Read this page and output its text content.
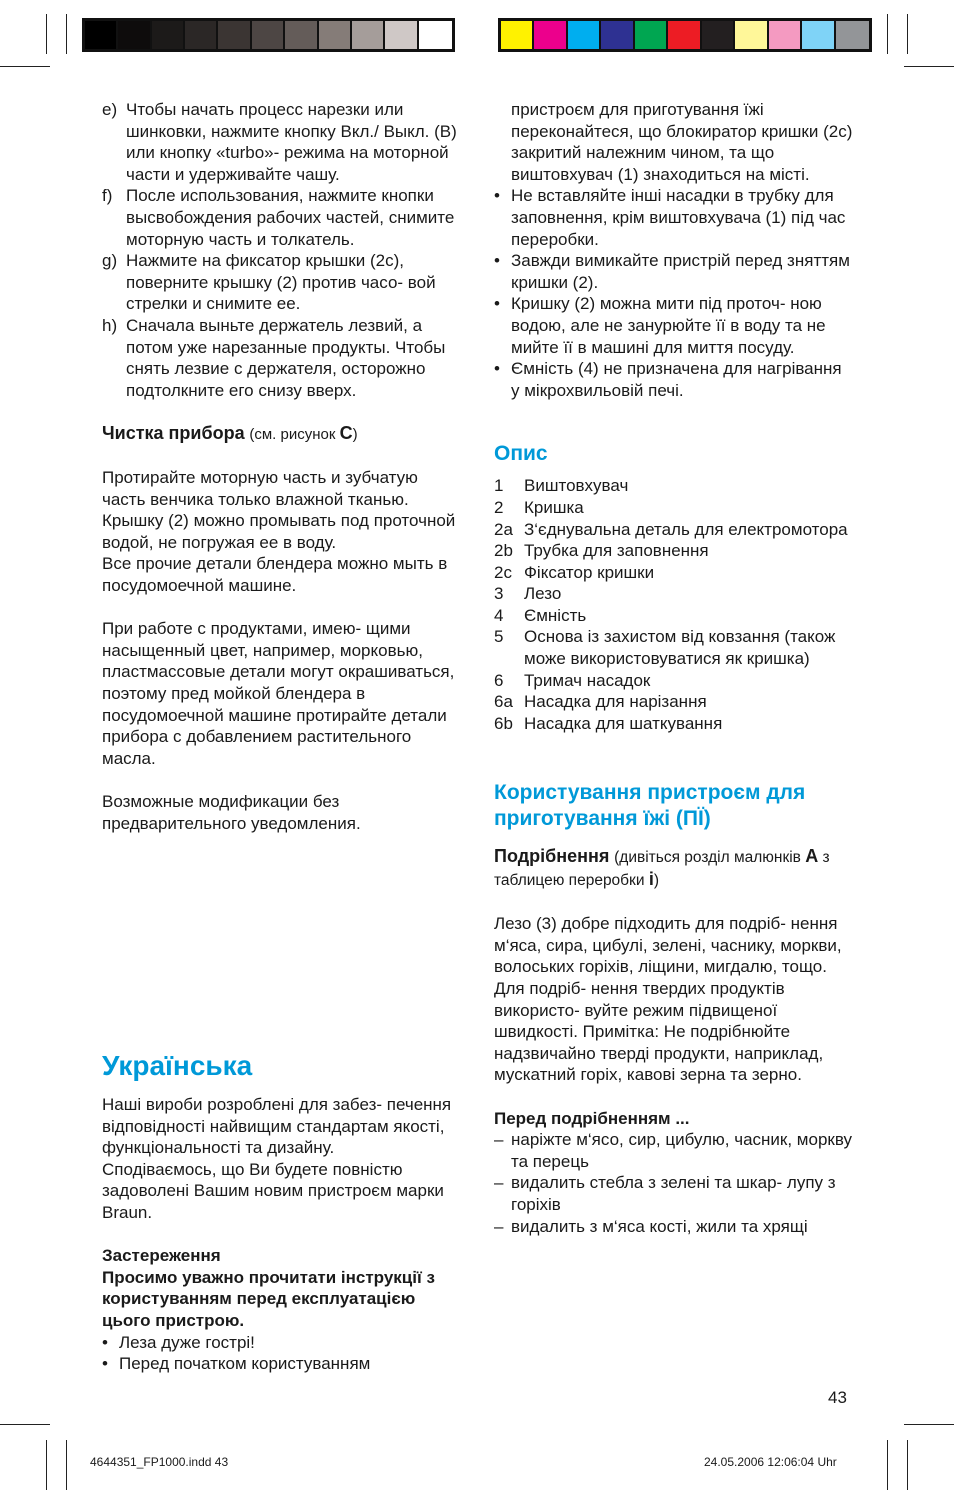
e) Чтобы начать процесс нарезки или шинковки, нажмите кнопку Вкл./ Выкл. (B) или кнопку «turbo»- режима на моторной части и удерживайте чашу.
f) После использования, нажмите кнопки высвобождения рабочих частей, снимите моторную часть и толкатель.
g) Нажмите на фиксатор крышки (2c), поверните крышку (2) против часо- вой стрелки и снимите ее.
h) Сначала выньте держатель лезвий, а потом уже нарезанные продукты. Чтобы снять лезвие с держателя, осторожно подтолкните его снизу вверх.

Чистка прибора (см. рисунок C)

Протирайте моторную часть и зубчатую часть венчика только влажной тканью. Крышку (2) можно промывать под проточной водой, не погружая ее в воду.

Все прочие детали блендера можно мыть в посудомоечной машине.

При работе с продуктами, имею- щими насыщенный цвет, например, морковью, пластмассовые детали могут окрашиваться, поэтому пред мойкой блендера в посудомоечной машине протирайте детали прибора с добавлением растительного масла.

Возможные модификации без предварительного уведомления.

Українська

Наші вироби розроблені для забез- печення відповідності найвищим стандартам якості, функціональності та дизайну. Сподіваємось, що Ви будете повністю задоволені Вашим новим пристроєм марки Braun.

Застереження

Просимо уважно прочитати інструкції з користуванням перед експлуатацією цього пристрою.

• Леза дуже гострі!
• Перед початком користуванням

пристроєм для приготування їжі переконайтеся, що блокиратор кришки (2c) закритий належним чином, та що виштовхувач (1) знаходиться на місті.

• Не вставляйте інші насадки в трубку для заповнення, крім виштовхувача (1) під час переробки.
• Завжди вимикайте пристрій перед зняттям кришки (2).
• Кришку (2) можна мити під проточ- ною водою, але не занурюйте її в воду та не мийте її в машині для миття посуду.
• Ємність (4) не призначена для нагрівання у мікрохвильовій печі.

Опис

1 Виштовхувач
2 Кришка
2a З‘єднувальна деталь для електромотора
2b Трубка для заповнення
2c Фіксатор кришки
3 Лезо
4 Ємність
5 Основа із захистом від ковзання (також може використовуватися як кришка)
6 Тримач насадок
6a Насадка для нарізання
6b Насадка для шаткування

Користування пристроєм для приготування їжі (ПЇ)

Подрібнення (дивіться розділ малюнків A з таблицею переробки i)

Лезо (3) добре підходить для подріб- нення м‘яса, сира, цибулі, зелені, часнику, моркви, волоських горіхів, ліщини, мигдалю, тощо. Для подріб- нення твердих продуктів використо- вуйте режим підвищеної швидкості. Примітка: Не подрібнюйте надзвичайно тверді продукти, наприклад, мускатний горіх, кавові зерна та зерно.

Перед подрібненням ...

– наріжте м‘ясо, сир, цибулю, часник, моркву та перець
– видалить стебла з зелені та шкар- лупу з горіхів
– видалить з м‘яса кості, жили та хрящі
43
4644351_FP1000.indd 43	24.05.2006 12:06:04 Uhr
